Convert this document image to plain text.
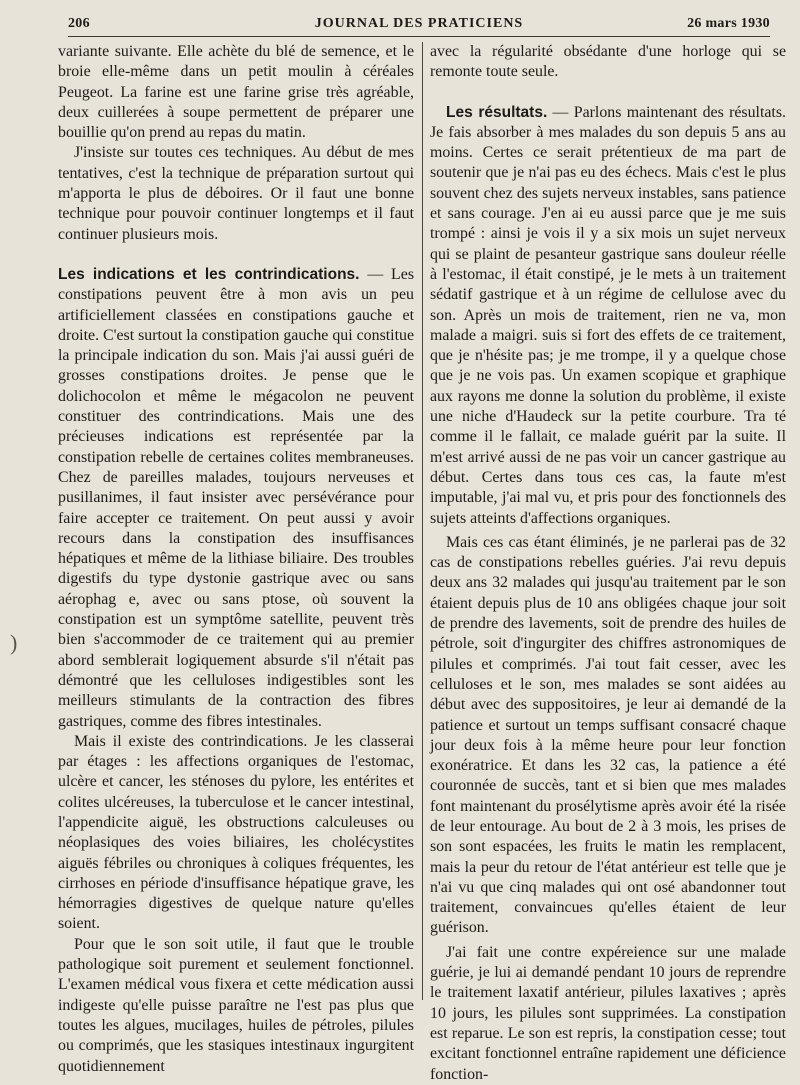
206	JOURNAL DES PRATICIENS	26 mars 1930

variante suivante. Elle achète du blé de semence, et le broie elle-même dans un petit moulin à céréales Peugeot. La farine est une farine grise très agréable, deux cuillerées à soupe permettent de préparer une bouillie qu'on prend au repas du matin.

J'insiste sur toutes ces techniques. Au début de mes tentatives, c'est la technique de préparation surtout qui m'apporta le plus de déboires. Or il faut une bonne technique pour pouvoir continuer longtemps et il faut continuer plusieurs mois.

Les indications et les contrindications. — Les constipations peuvent être à mon avis un peu artificiellement classées en constipations gauche et droite. C'est surtout la constipation gauche qui constitue la principale indication du son. Mais j'ai aussi guéri de grosses constipations droites. Je pense que le dolichocolon et même le mégacolon ne peuvent constituer des contrindications. Mais une des précieuses indications est représentée par la constipation rebelle de certaines colites membraneuses. Chez de pareilles malades, toujours nerveuses et pusillanimes, il faut insister avec persévérance pour faire accepter ce traitement. On peut aussi y avoir recours dans la constipation des insuffisances hépatiques et même de la lithiase biliaire. Des troubles digestifs du type dystonie gastrique avec ou sans aérophag e, avec ou sans ptose, où souvent la constipation est un symptôme satellite, peuvent très bien s'accommoder de ce traitement qui au premier abord semblerait logiquement absurde s'il n'était pas démontré que les celluloses indigestibles sont les meilleurs stimulants de la contraction des fibres gastriques, comme des fibres intestinales.

Mais il existe des contrindications. Je les classerai par étages : les affections organiques de l'estomac, ulcère et cancer, les sténoses du pylore, les entérites et colites ulcéreuses, la tuberculose et le cancer intestinal, l'appendicite aiguë, les obstructions calculeuses ou néoplasiques des voies biliaires, les cholécystites aiguës fébriles ou chroniques à coliques fréquentes, les cirrhoses en période d'insuffisance hépatique grave, les hémorragies digestives de quelque nature qu'elles soient.

Pour que le son soit utile, il faut que le trouble pathologique soit purement et seulement fonctionnel. L'examen médical vous fixera et cette médication aussi indigeste qu'elle puisse paraître ne l'est pas plus que toutes les algues, mucilages, huiles de pétroles, pilules ou comprimés, que les stasiques intestinaux ingurgitent quotidiennement

avec la régularité obsédante d'une horloge qui se remonte toute seule.

Les résultats. — Parlons maintenant des résultats. Je fais absorber à mes malades du son depuis 5 ans au moins. Certes ce serait prétentieux de ma part de soutenir que je n'ai pas eu des échecs. Mais c'est le plus souvent chez des sujets nerveux instables, sans patience et sans courage. J'en ai eu aussi parce que je me suis trompé : ainsi je vois il y a six mois un sujet nerveux qui se plaint de pesanteur gastrique sans douleur réelle à l'estomac, il était constipé, je le mets à un traitement sédatif gastrique et à un régime de cellulose avec du son. Après un mois de traitement, rien ne va, mon malade a maigri. suis si fort des effets de ce traitement, que je n'hésite pas; je me trompe, il y a quelque chose que je ne vois pas. Un examen scopique et graphique aux rayons me donne la solution du problème, il existe une niche d'Haudeck sur la petite courbure. Tra té comme il le fallait, ce malade guérit par la suite. Il m'est arrivé aussi de ne pas voir un cancer gastrique au début. Certes dans tous ces cas, la faute m'est imputable, j'ai mal vu, et pris pour des fonctionnels des sujets atteints d'affections organiques.

Mais ces cas étant éliminés, je ne parlerai pas de 32 cas de constipations rebelles guéries. J'ai revu depuis deux ans 32 malades qui jusqu'au traitement par le son étaient depuis plus de 10 ans obligées chaque jour soit de prendre des lavements, soit de prendre des huiles de pétrole, soit d'ingurgiter des chiffres astronomiques de pilules et comprimés. J'ai tout fait cesser, avec les celluloses et le son, mes malades se sont aidées au début avec des suppositoires, je leur ai demandé de la patience et surtout un temps suffisant consacré chaque jour deux fois à la même heure pour leur fonction exonératrice. Et dans les 32 cas, la patience a été couronnée de succès, tant et si bien que mes malades font maintenant du prosélytisme après avoir été la risée de leur entourage. Au bout de 2 à 3 mois, les prises de son sont espacées, les fruits le matin les remplacent, mais la peur du retour de l'état antérieur est telle que je n'ai vu que cinq malades qui ont osé abandonner tout traitement, convaincues qu'elles étaient de leur guérison.

J'ai fait une contre expéreience sur une malade guérie, je lui ai demandé pendant 10 jours de reprendre le traitement laxatif antérieur, pilules laxatives ; après 10 jours, les pilules sont supprimées. La constipation est reparue. Le son est repris, la constipation cesse; tout excitant fonctionnel entraîne rapidement une déficience fonction-

)
